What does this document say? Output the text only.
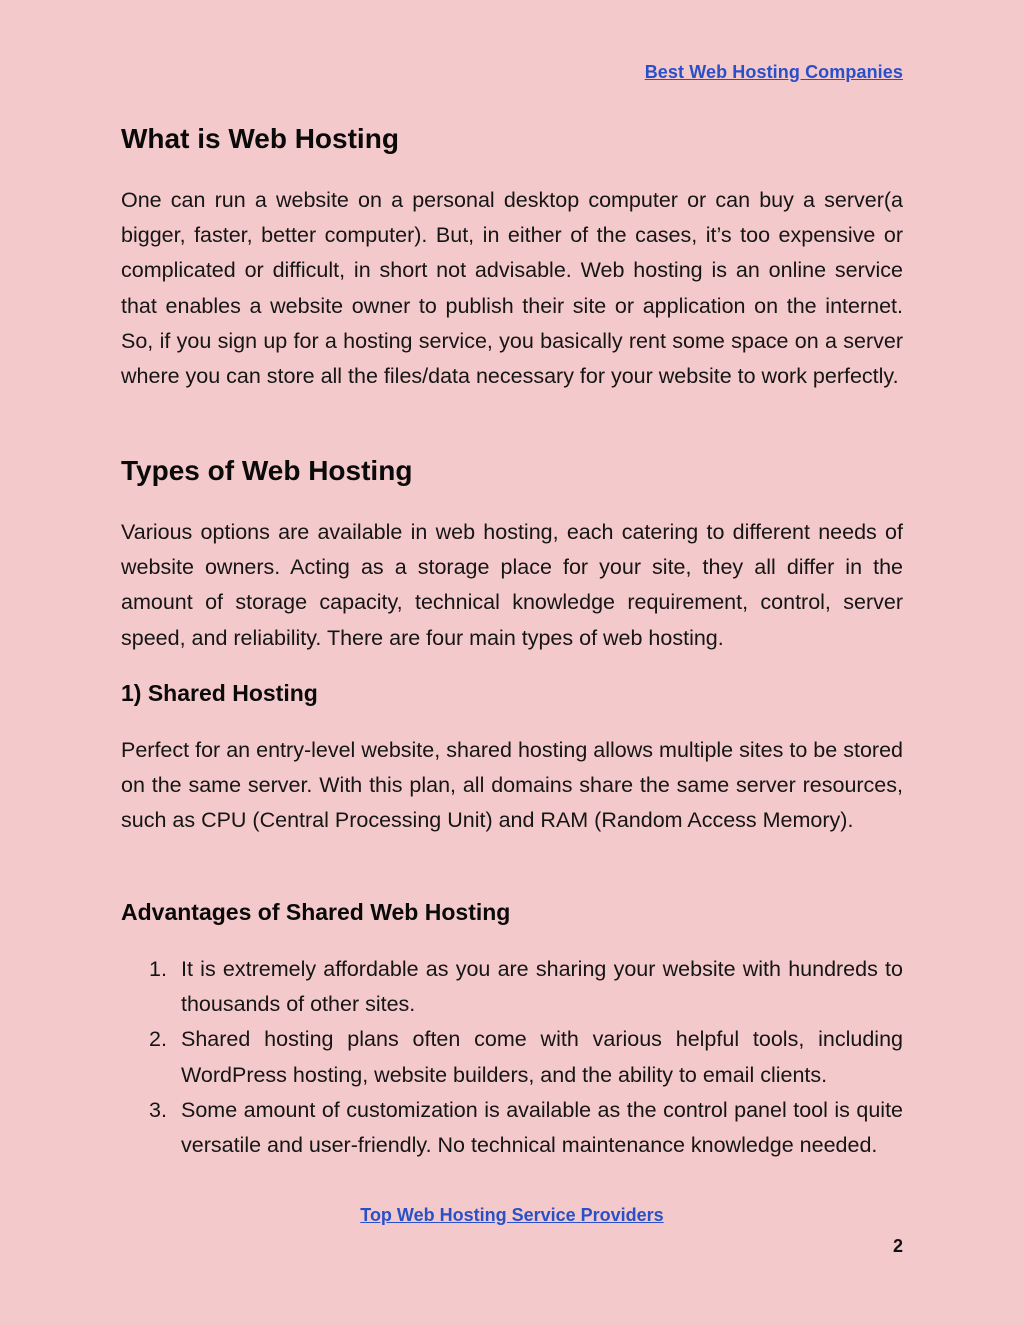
Best Web Hosting Companies
What is Web Hosting

One can run a website on a personal desktop computer or can buy a server(a bigger, faster, better computer). But, in either of the cases, it’s too expensive or complicated or difficult, in short not advisable. Web hosting is an online service that enables a website owner to publish their site or application on the internet. So, if you sign up for a hosting service, you basically rent some space on a server where you can store all the files/data necessary for your website to work perfectly.

Types of Web Hosting

Various options are available in web hosting, each catering to different needs of website owners. Acting as a storage place for your site, they all differ in the amount of storage capacity, technical knowledge requirement, control, server speed, and reliability. There are four main types of web hosting.

1) Shared Hosting

Perfect for an entry-level website, shared hosting allows multiple sites to be stored on the same server. With this plan, all domains share the same server resources, such as CPU (Central Processing Unit) and RAM (Random Access Memory).

Advantages of Shared Web Hosting
1. It is extremely affordable as you are sharing your website with hundreds to thousands of other sites.
2. Shared hosting plans often come with various helpful tools, including WordPress hosting, website builders, and the ability to email clients.
3. Some amount of customization is available as the control panel tool is quite versatile and user-friendly. No technical maintenance knowledge needed.
Top Web Hosting Service Providers
2
